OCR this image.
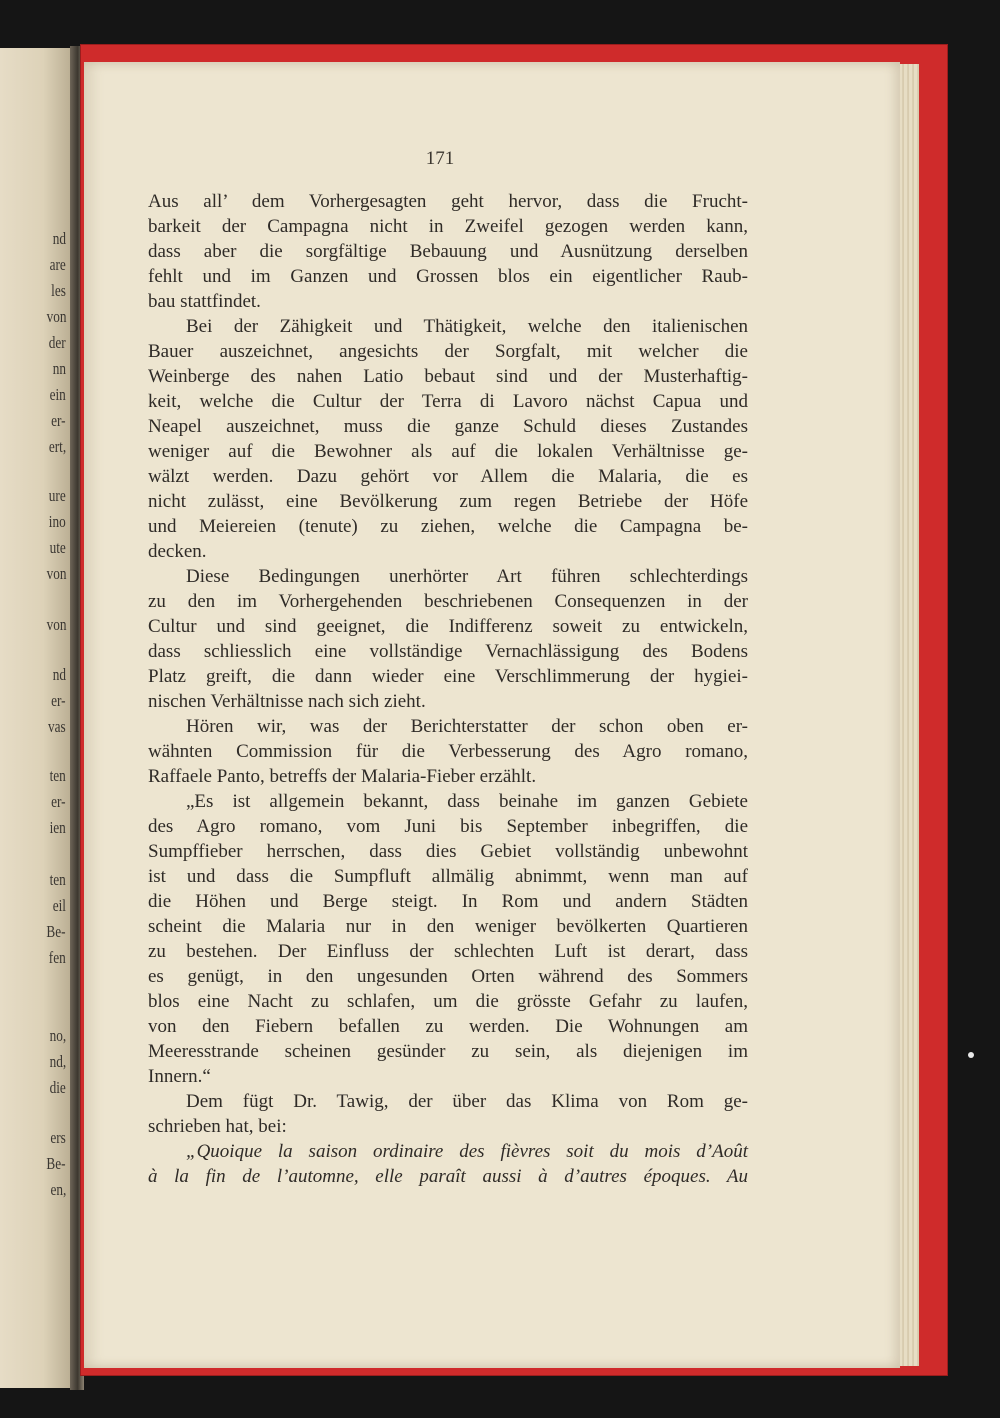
nd

are

les

von

der

nn

ein

er-

ert,

ure

ino

ute

von

von

nd

er-

vas

ten

er-

ien

ten

eil

Be-

fen

no,

nd,

die

ers

Be-

en,

171

Aus all’ dem Vorhergesagten geht hervor, dass die Frucht-

barkeit der Campagna nicht in Zweifel gezogen werden kann,

dass aber die sorgfältige Bebauung und Ausnützung derselben

fehlt und im Ganzen und Grossen blos ein eigentlicher Raub-

bau stattfindet.

Bei der Zähigkeit und Thätigkeit, welche den italienischen

Bauer auszeichnet, angesichts der Sorgfalt, mit welcher die

Weinberge des nahen Latio bebaut sind und der Musterhaftig-

keit, welche die Cultur der Terra di Lavoro nächst Capua und

Neapel auszeichnet, muss die ganze Schuld dieses Zustandes

weniger auf die Bewohner als auf die lokalen Verhältnisse ge-

wälzt werden. Dazu gehört vor Allem die Malaria, die es

nicht zulässt, eine Bevölkerung zum regen Betriebe der Höfe

und Meiereien (tenute) zu ziehen, welche die Campagna be-

decken.

Diese Bedingungen unerhörter Art führen schlechterdings

zu den im Vorhergehenden beschriebenen Consequenzen in der

Cultur und sind geeignet, die Indifferenz soweit zu entwickeln,

dass schliesslich eine vollständige Vernachlässigung des Bodens

Platz greift, die dann wieder eine Verschlimmerung der hygiei-

nischen Verhältnisse nach sich zieht.

Hören wir, was der Berichterstatter der schon oben er-

wähnten Commission für die Verbesserung des Agro romano,

Raffaele Panto, betreffs der Malaria-Fieber erzählt.

„Es ist allgemein bekannt, dass beinahe im ganzen Gebiete

des Agro romano, vom Juni bis September inbegriffen, die

Sumpffieber herrschen, dass dies Gebiet vollständig unbewohnt

ist und dass die Sumpfluft allmälig abnimmt, wenn man auf

die Höhen und Berge steigt. In Rom und andern Städten

scheint die Malaria nur in den weniger bevölkerten Quartieren

zu bestehen. Der Einfluss der schlechten Luft ist derart, dass

es genügt, in den ungesunden Orten während des Sommers

blos eine Nacht zu schlafen, um die grösste Gefahr zu laufen,

von den Fiebern befallen zu werden. Die Wohnungen am

Meeresstrande scheinen gesünder zu sein, als diejenigen im

Innern.“

Dem fügt Dr. Tawig, der über das Klima von Rom ge-

schrieben hat, bei:

„Quoique la saison ordinaire des fièvres soit du mois d’Août

à la fin de l’automne, elle paraît aussi à d’autres époques. Au
